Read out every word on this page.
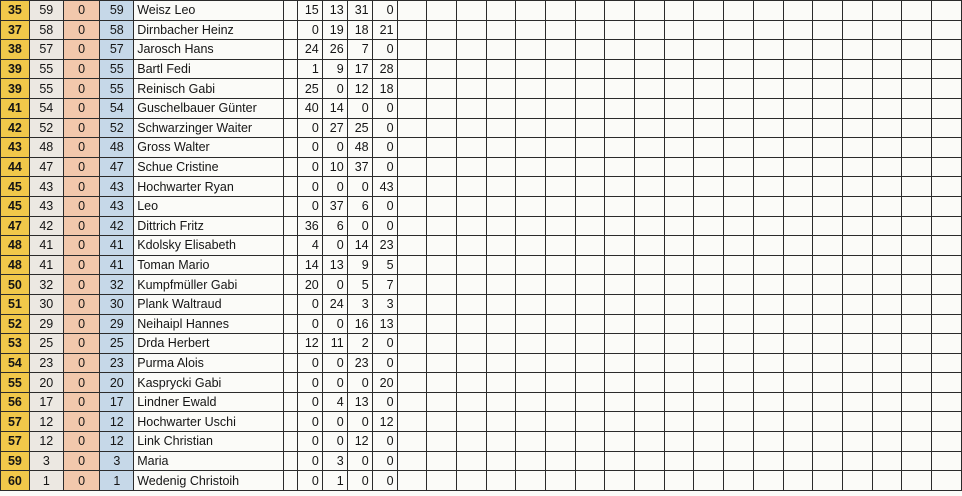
35	59	0	59	Weisz Leo		15	13	31	0																			
37	58	0	58	Dirnbacher Heinz		0	19	18	21																			
38	57	0	57	Jarosch Hans		24	26	7	0																			
39	55	0	55	Bartl Fedi		1	9	17	28																			
39	55	0	55	Reinisch Gabi		25	0	12	18																			
41	54	0	54	Guschelbauer Günter		40	14	0	0																			
42	52	0	52	Schwarzinger Waiter		0	27	25	0																			
43	48	0	48	Gross Walter		0	0	48	0																			
44	47	0	47	Schue Cristine		0	10	37	0																			
45	43	0	43	Hochwarter Ryan		0	0	0	43																			
45	43	0	43	Leo		0	37	6	0																			
47	42	0	42	Dittrich Fritz		36	6	0	0																			
48	41	0	41	Kdolsky Elisabeth		4	0	14	23																			
48	41	0	41	Toman Mario		14	13	9	5																			
50	32	0	32	Kumpfmüller Gabi		20	0	5	7																			
51	30	0	30	Plank Waltraud		0	24	3	3																			
52	29	0	29	Neihaipl Hannes		0	0	16	13																			
53	25	0	25	Drda Herbert		12	11	2	0																			
54	23	0	23	Purma Alois		0	0	23	0																			
55	20	0	20	Kasprycki Gabi		0	0	0	20																			
56	17	0	17	Lindner Ewald		0	4	13	0																			
57	12	0	12	Hochwarter Uschi		0	0	0	12																			
57	12	0	12	Link Christian		0	0	12	0																			
59	3	0	3	Maria		0	3	0	0																			
60	1	0	1	Wedenig Christoih		0	1	0	0																			
